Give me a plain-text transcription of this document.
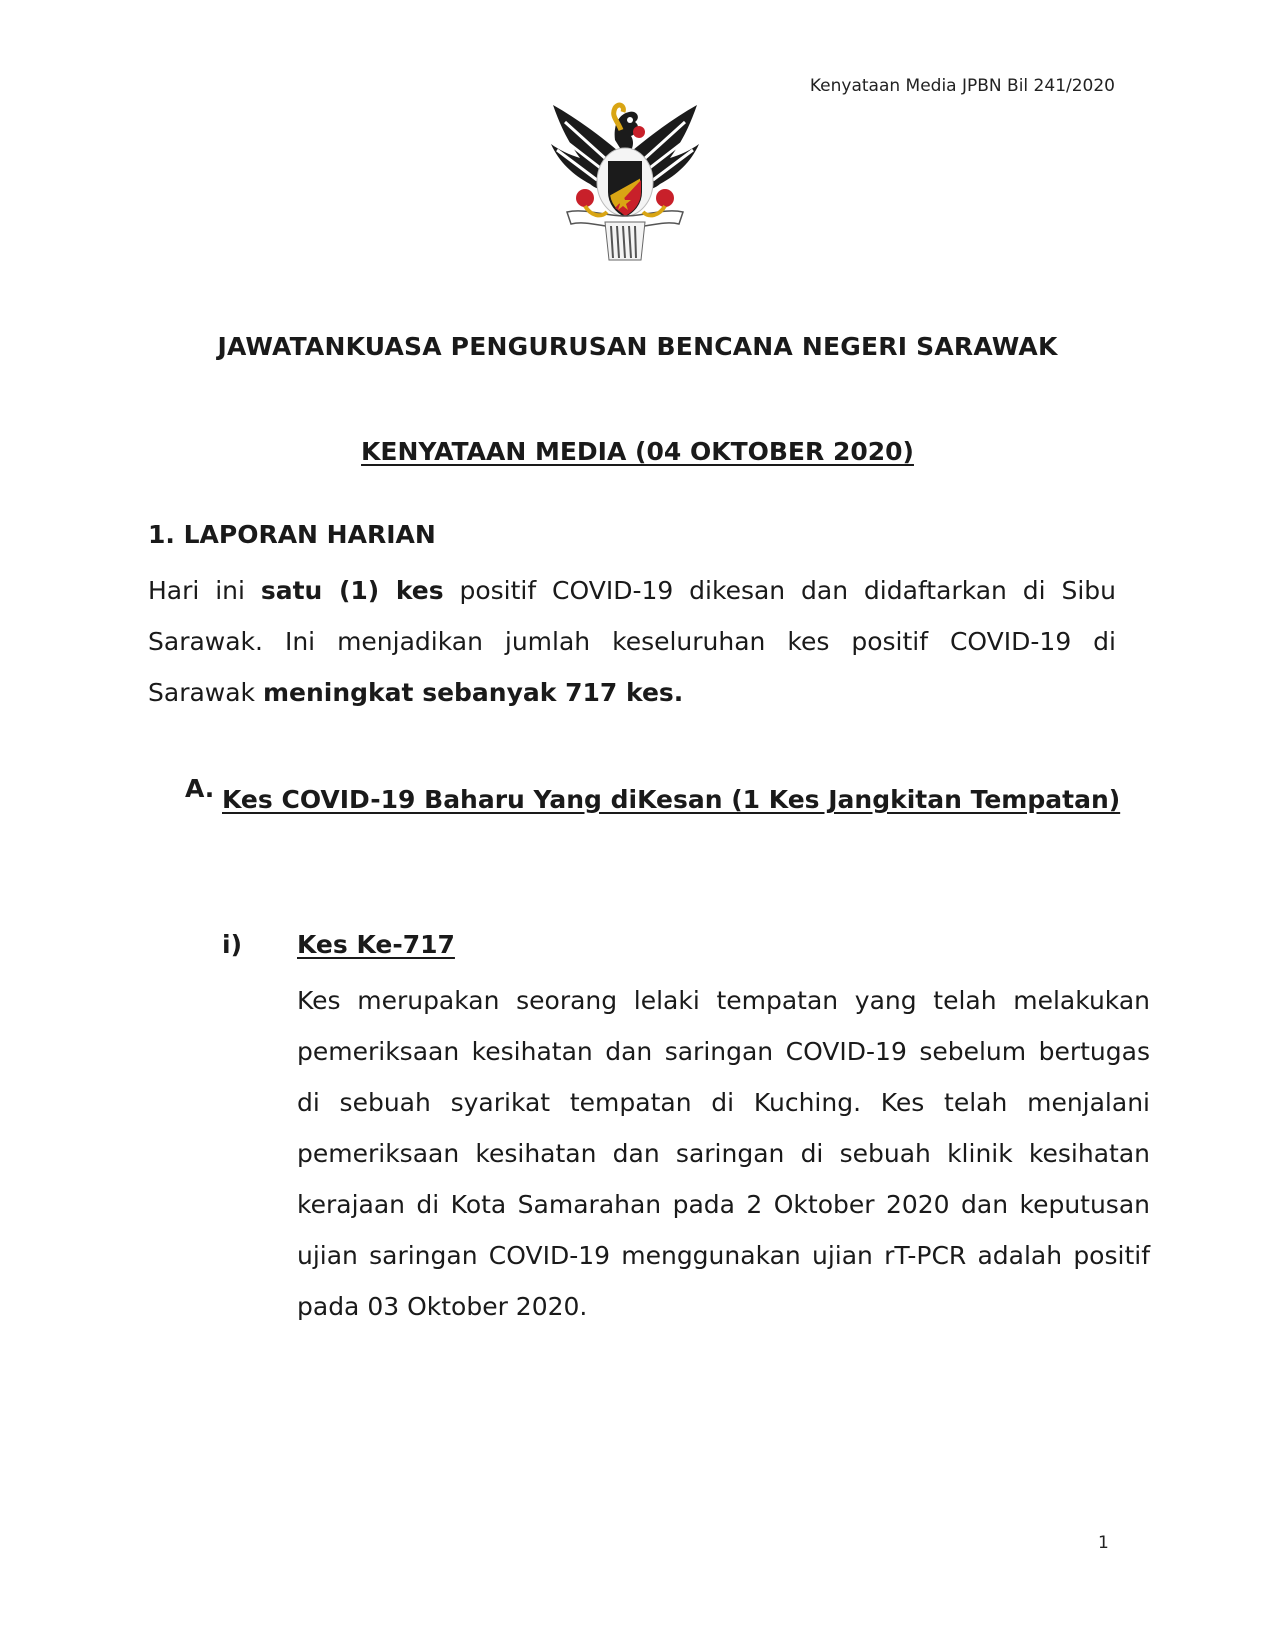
Kenyataan Media JPBN Bil 241/2020
JAWATANKUASA PENGURUSAN BENCANA NEGERI SARAWAK
KENYATAAN MEDIA (04 OKTOBER 2020)
1. LAPORAN HARIAN
Hari ini satu (1) kes positif COVID-19 dikesan dan didaftarkan di Sibu Sarawak. Ini menjadikan jumlah keseluruhan kes positif COVID-19 di Sarawak meningkat sebanyak 717 kes.
A. Kes COVID-19 Baharu Yang diKesan (1 Kes Jangkitan Tempatan)
i) Kes Ke-717
Kes merupakan seorang lelaki tempatan yang telah melakukan pemeriksaan kesihatan dan saringan COVID-19 sebelum bertugas di sebuah syarikat tempatan di Kuching. Kes telah menjalani pemeriksaan kesihatan dan saringan di sebuah klinik kesihatan kerajaan di Kota Samarahan pada 2 Oktober 2020 dan keputusan ujian saringan COVID-19 menggunakan ujian rT-PCR adalah positif pada 03 Oktober 2020.
1
